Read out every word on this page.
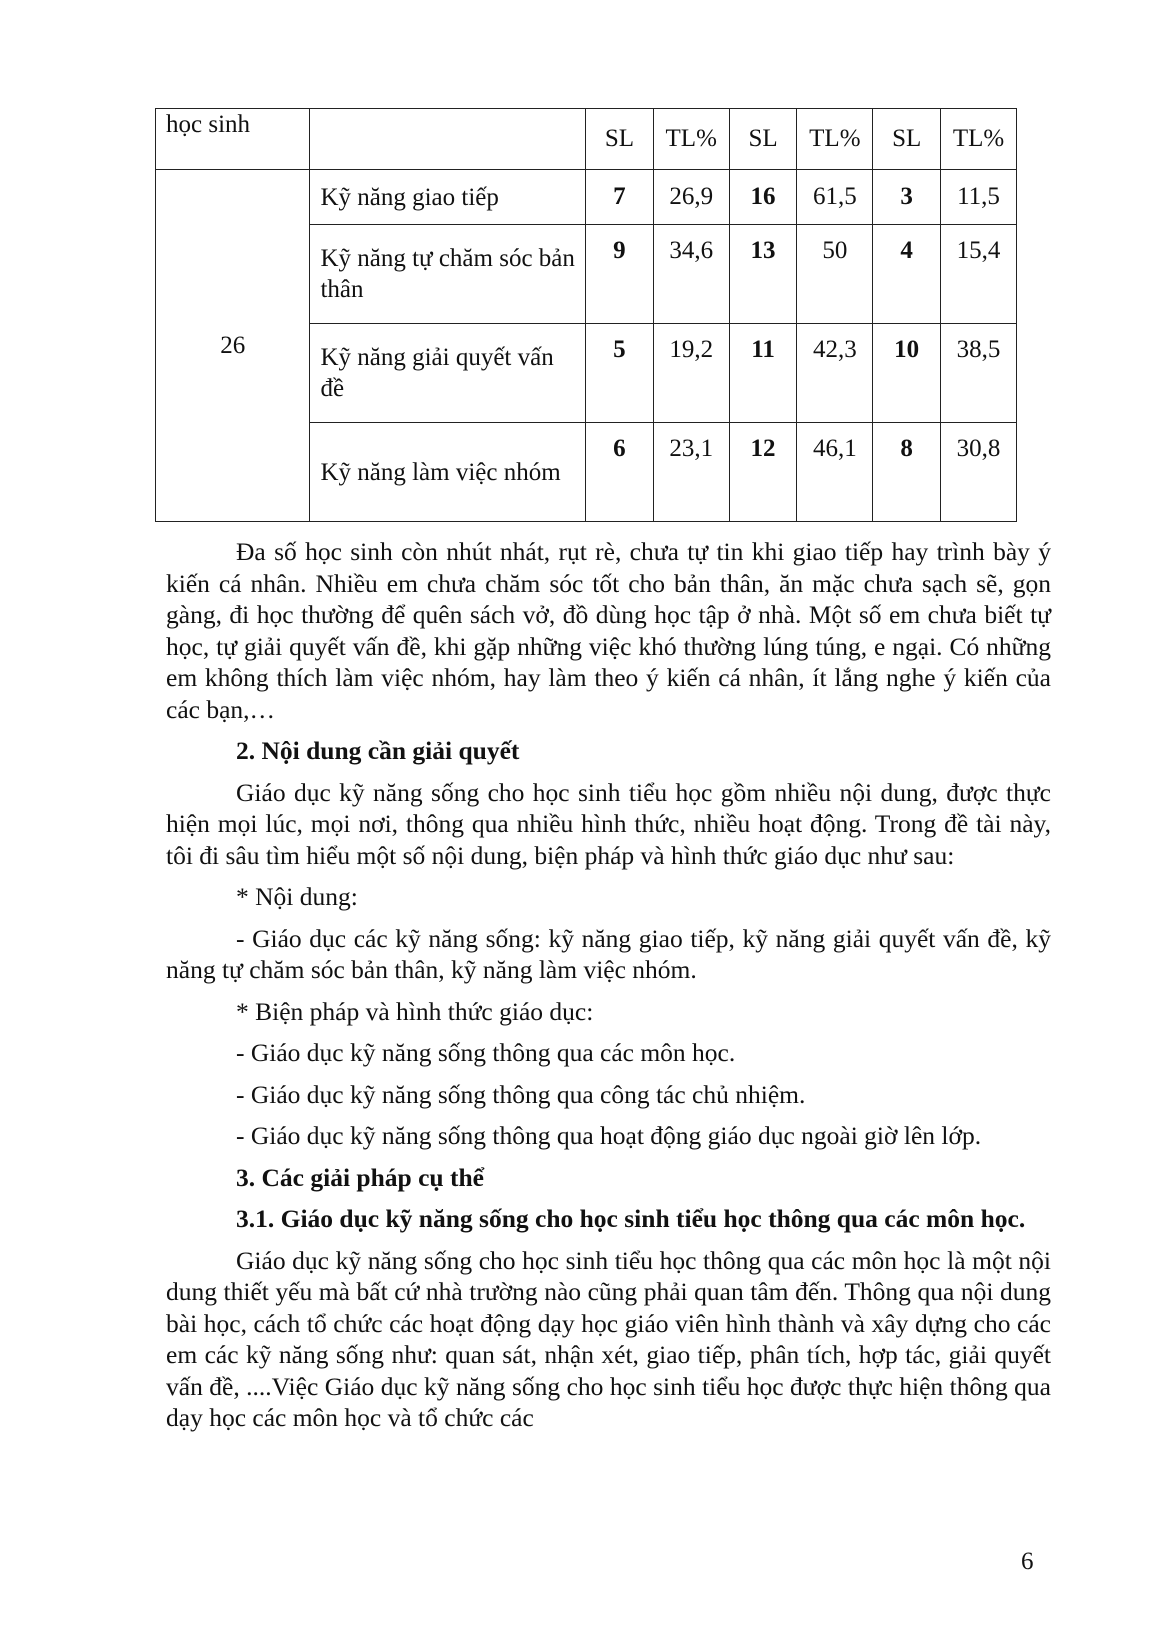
học sinh		SL	TL%	SL	TL%	SL	TL%
26	Kỹ năng giao tiếp	7	26,9	16	61,5	3	11,5
	Kỹ năng tự chăm sóc bản thân	9	34,6	13	50	4	15,4
	Kỹ năng giải quyết vấn đề	5	19,2	11	42,3	10	38,5
	Kỹ năng làm việc nhóm	6	23,1	12	46,1	8	30,8

Đa số học sinh còn nhút nhát, rụt rè, chưa tự tin khi giao tiếp hay trình bày ý kiến cá nhân. Nhiều em chưa chăm sóc tốt cho bản thân, ăn mặc chưa sạch sẽ, gọn gàng, đi học thường để quên sách vở, đồ dùng học tập ở nhà. Một số em chưa biết tự học, tự giải quyết vấn đề, khi gặp những việc khó thường lúng túng, e ngại. Có những em không thích làm việc nhóm, hay làm theo ý kiến cá nhân, ít lắng nghe ý kiến của các bạn,…

2. Nội dung cần giải quyết

Giáo dục kỹ năng sống cho học sinh tiểu học gồm nhiều nội dung, được thực hiện mọi lúc, mọi nơi, thông qua nhiều hình thức, nhiều hoạt động. Trong đề tài này, tôi đi sâu tìm hiểu một số nội dung, biện pháp và hình thức giáo dục như sau:

* Nội dung:

- Giáo dục các kỹ năng sống: kỹ năng giao tiếp, kỹ năng giải quyết vấn đề, kỹ năng tự chăm sóc bản thân, kỹ năng làm việc nhóm.

* Biện pháp và hình thức giáo dục:

- Giáo dục kỹ năng sống thông qua các môn học.

- Giáo dục kỹ năng sống thông qua công tác chủ nhiệm.

- Giáo dục kỹ năng sống thông qua hoạt động giáo dục ngoài giờ lên lớp.

3. Các giải pháp cụ thể

3.1. Giáo dục kỹ năng sống cho học sinh tiểu học thông qua các môn học.

Giáo dục kỹ năng sống cho học sinh tiểu học thông qua các môn học là một nội dung thiết yếu mà bất cứ nhà trường nào cũng phải quan tâm đến. Thông qua nội dung bài học, cách tổ chức các hoạt động dạy học giáo viên hình thành và xây dựng cho các em các kỹ năng sống như: quan sát, nhận xét, giao tiếp, phân tích, hợp tác, giải quyết vấn đề, ....Việc Giáo dục kỹ năng sống cho học sinh tiểu học được thực hiện thông qua dạy học các môn học và tổ chức các

6
